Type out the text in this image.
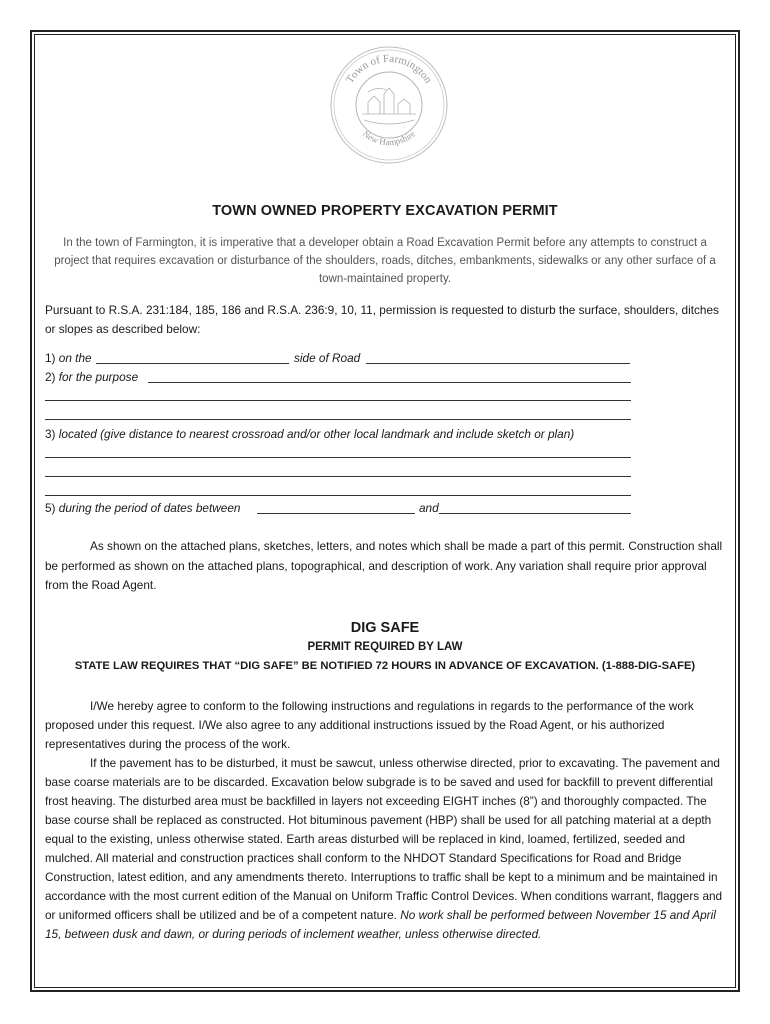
Town of Farmington
New Hampshire
TOWN OWNED PROPERTY EXCAVATION PERMIT
In the town of Farmington, it is imperative that a developer obtain a Road Excavation Permit before any attempts to construct a project that requires excavation or disturbance of the shoulders, roads, ditches, embankments, sidewalks or any other surface of a town-maintained property.
Pursuant to R.S.A. 231:184, 185, 186 and R.S.A. 236:9, 10, 11, permission is requested to disturb the surface, shoulders, ditches or slopes as described below:
1) on the	side of Road
2) for the purpose
3) located (give distance to nearest crossroad and/or other local landmark and include sketch or plan)
5) during the period of dates between	and

As shown on the attached plans, sketches, letters, and notes which shall be made a part of this permit. Construction shall be performed as shown on the attached plans, topographical, and description of work. Any variation shall require prior approval from the Road Agent.

DIG SAFE
PERMIT REQUIRED BY LAW
STATE LAW REQUIRES THAT “DIG SAFE” BE NOTIFIED 72 HOURS IN ADVANCE OF EXCAVATION. (1-888-DIG-SAFE)

I/We hereby agree to conform to the following instructions and regulations in regards to the performance of the work proposed under this request. I/We also agree to any additional instructions issued by the Road Agent, or his authorized representatives during the process of the work.

If the pavement has to be disturbed, it must be sawcut, unless otherwise directed, prior to excavating. The pavement and base coarse materials are to be discarded. Excavation below subgrade is to be saved and used for backfill to prevent differential frost heaving. The disturbed area must be backfilled in layers not exceeding EIGHT inches (8”) and thoroughly compacted. The base course shall be replaced as constructed. Hot bituminous pavement (HBP) shall be used for all patching material at a depth equal to the existing, unless otherwise stated. Earth areas disturbed will be replaced in kind, loamed, fertilized, seeded and mulched. All material and construction practices shall conform to the NHDOT Standard Specifications for Road and Bridge Construction, latest edition, and any amendments thereto. Interruptions to traffic shall be kept to a minimum and be maintained in accordance with the most current edition of the Manual on Uniform Traffic Control Devices. When conditions warrant, flaggers and or uniformed officers shall be utilized and be of a competent nature. No work shall be performed between November 15 and April 15, between dusk and dawn, or during periods of inclement weather, unless otherwise directed.
